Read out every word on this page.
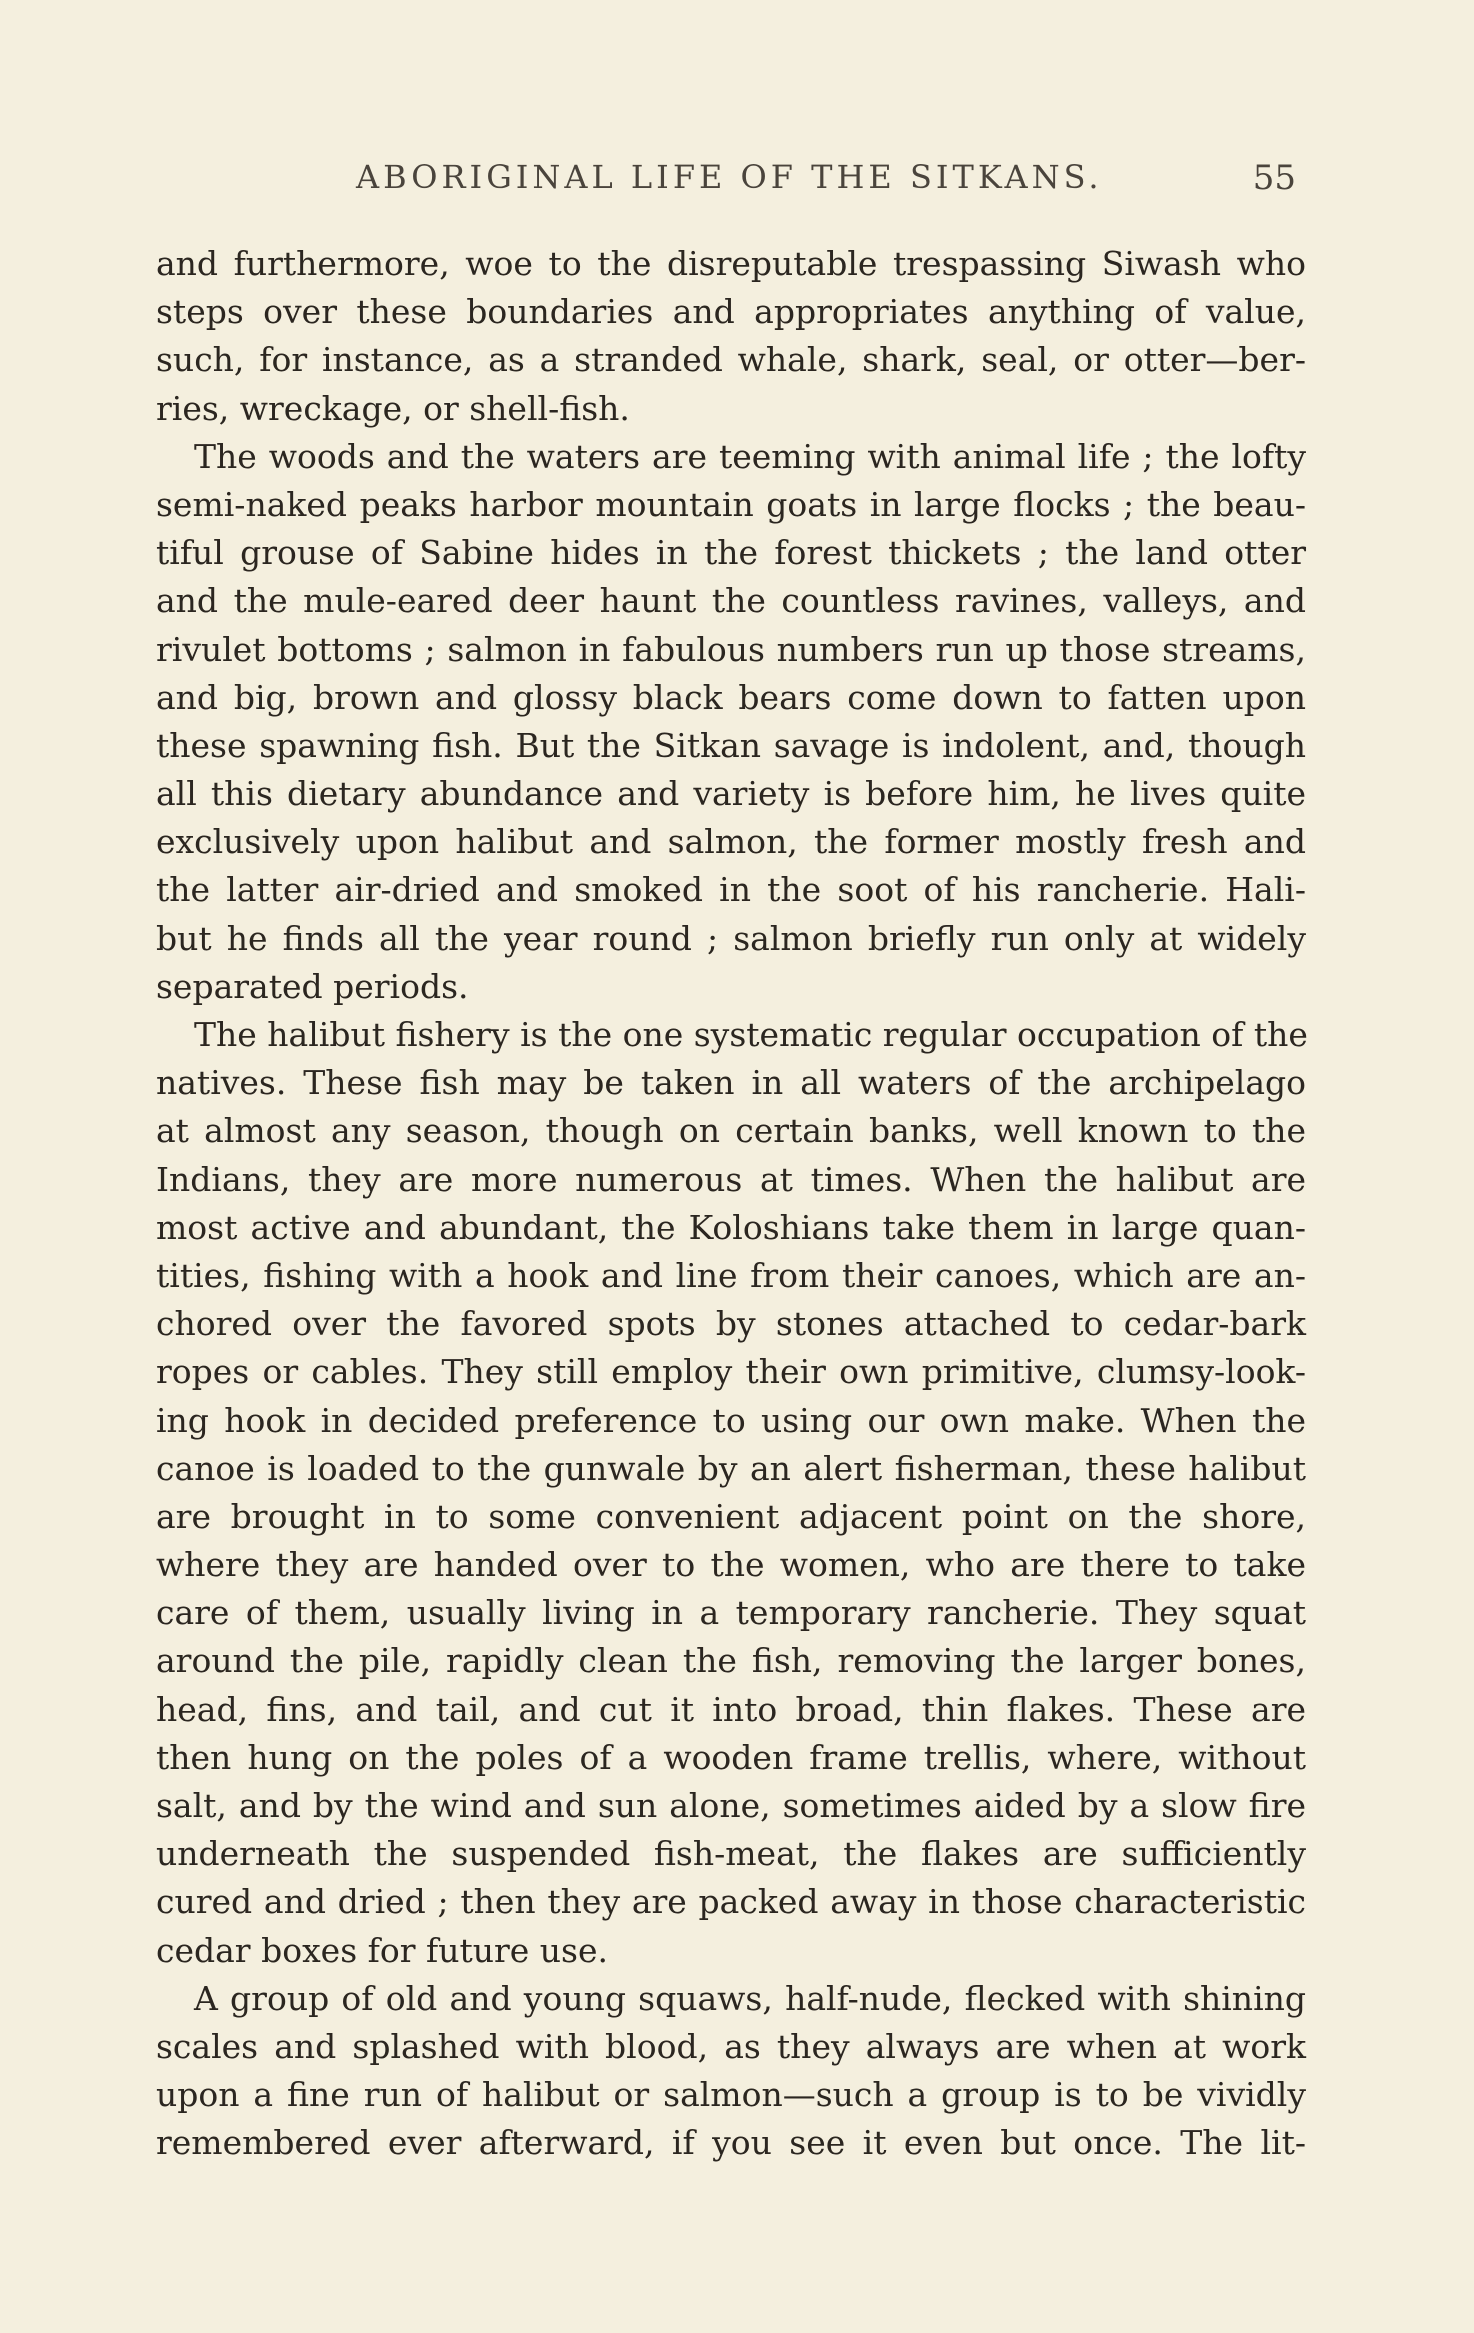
ABORIGINAL LIFE OF THE SITKANS.	55
and furthermore, woe to the disreputable trespassing Siwash who
steps over these boundaries and appropriates anything of value,
such, for instance, as a stranded whale, shark, seal, or otter—ber-
ries, wreckage, or shell-fish.
The woods and the waters are teeming with animal life ; the lofty
semi-naked peaks harbor mountain goats in large flocks ; the beau-
tiful grouse of Sabine hides in the forest thickets ; the land otter
and the mule-eared deer haunt the countless ravines, valleys, and
rivulet bottoms ; salmon in fabulous numbers run up those streams,
and big, brown and glossy black bears come down to fatten upon
these spawning fish. But the Sitkan savage is indolent, and, though
all this dietary abundance and variety is before him, he lives quite
exclusively upon halibut and salmon, the former mostly fresh and
the latter air-dried and smoked in the soot of his rancherie. Hali-
but he finds all the year round ; salmon briefly run only at widely
separated periods.
The halibut fishery is the one systematic regular occupation of the
natives. These fish may be taken in all waters of the archipelago
at almost any season, though on certain banks, well known to the
Indians, they are more numerous at times. When the halibut are
most active and abundant, the Koloshians take them in large quan-
tities, fishing with a hook and line from their canoes, which are an-
chored over the favored spots by stones attached to cedar-bark
ropes or cables. They still employ their own primitive, clumsy-look-
ing hook in decided preference to using our own make. When the
canoe is loaded to the gunwale by an alert fisherman, these halibut
are brought in to some convenient adjacent point on the shore,
where they are handed over to the women, who are there to take
care of them, usually living in a temporary rancherie. They squat
around the pile, rapidly clean the fish, removing the larger bones,
head, fins, and tail, and cut it into broad, thin flakes. These are
then hung on the poles of a wooden frame trellis, where, without
salt, and by the wind and sun alone, sometimes aided by a slow fire
underneath the suspended fish-meat, the flakes are sufficiently
cured and dried ; then they are packed away in those characteristic
cedar boxes for future use.
A group of old and young squaws, half-nude, flecked with shining
scales and splashed with blood, as they always are when at work
upon a fine run of halibut or salmon—such a group is to be vividly
remembered ever afterward, if you see it even but once. The lit-
